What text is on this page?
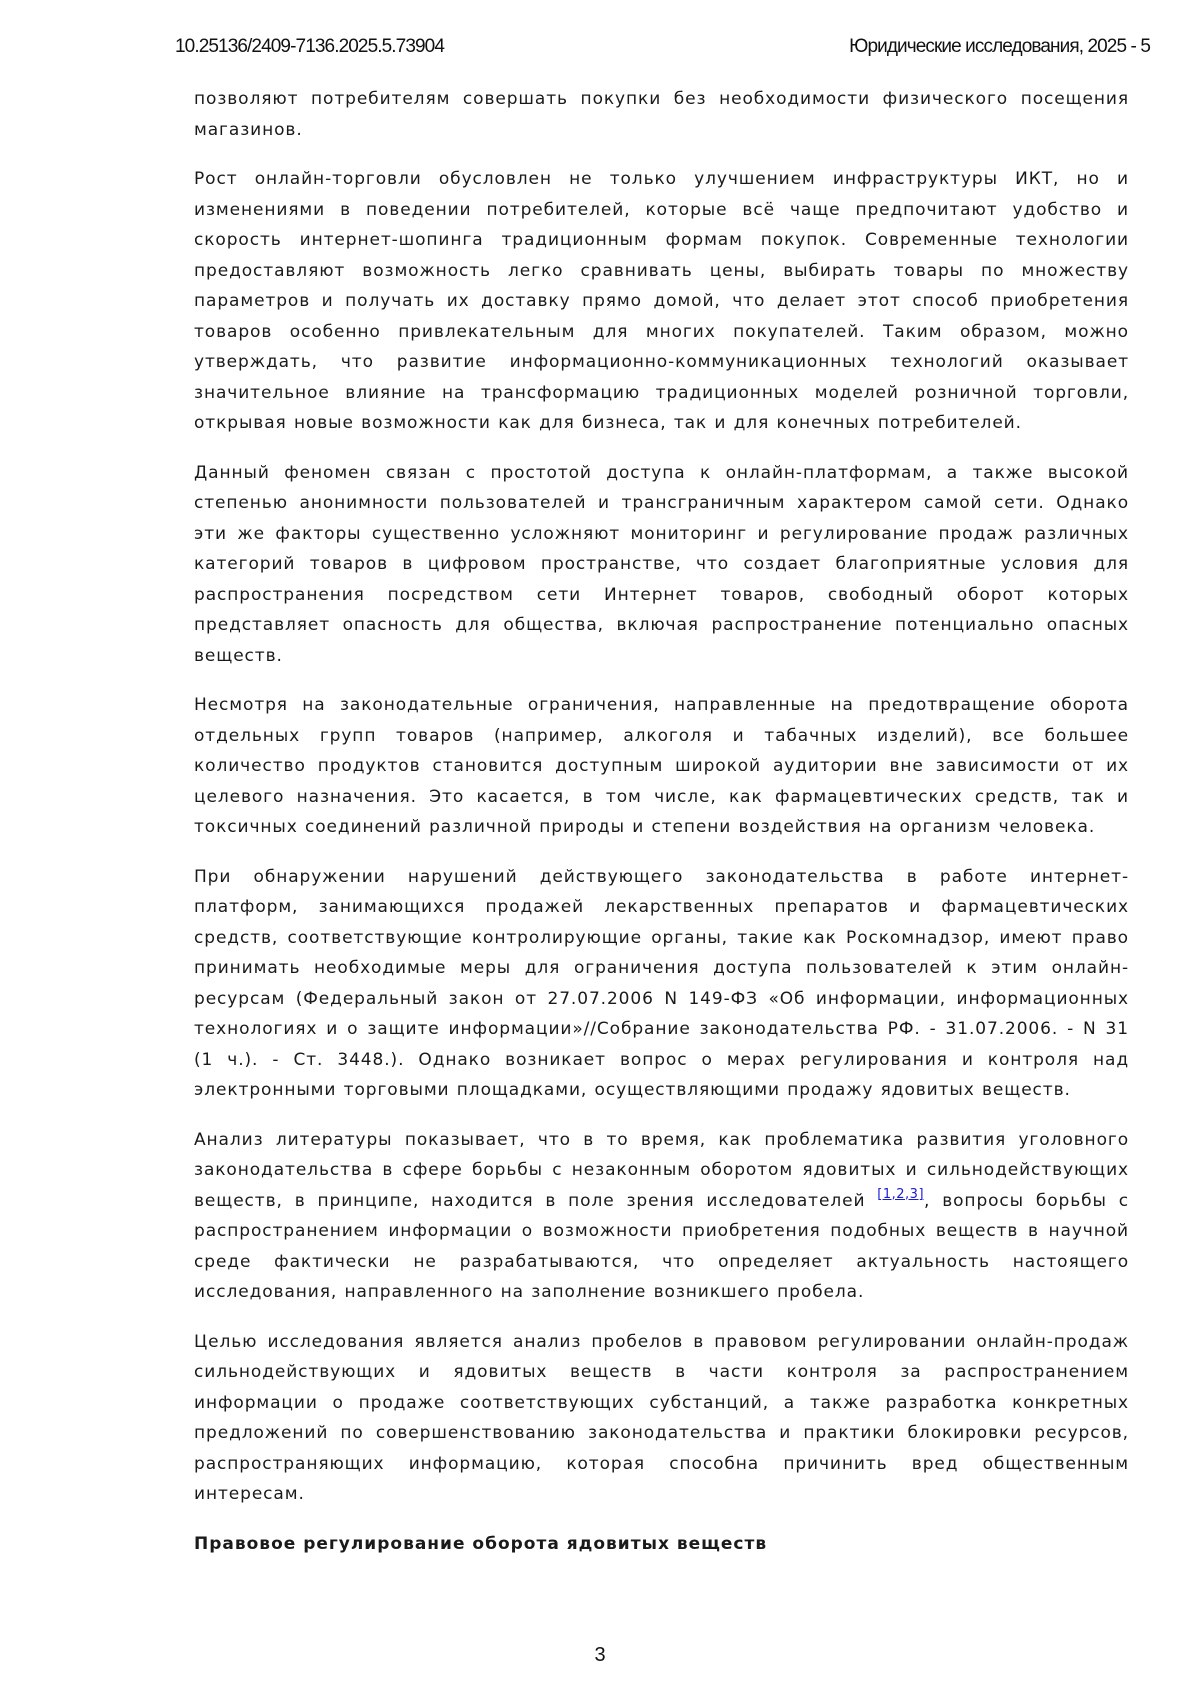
10.25136/2409-7136.2025.5.73904	Юридические исследования, 2025 - 5

позволяют потребителям совершать покупки без необходимости физического посещения магазинов.

Рост онлайн-торговли обусловлен не только улучшением инфраструктуры ИКТ, но и изменениями в поведении потребителей, которые всё чаще предпочитают удобство и скорость интернет-шопинга традиционным формам покупок. Современные технологии предоставляют возможность легко сравнивать цены, выбирать товары по множеству параметров и получать их доставку прямо домой, что делает этот способ приобретения товаров особенно привлекательным для многих покупателей. Таким образом, можно утверждать, что развитие информационно-коммуникационных технологий оказывает значительное влияние на трансформацию традиционных моделей розничной торговли, открывая новые возможности как для бизнеса, так и для конечных потребителей.

Данный феномен связан с простотой доступа к онлайн-платформам, а также высокой степенью анонимности пользователей и трансграничным характером самой сети. Однако эти же факторы существенно усложняют мониторинг и регулирование продаж различных категорий товаров в цифровом пространстве, что создает благоприятные условия для распространения посредством сети Интернет товаров, свободный оборот которых представляет опасность для общества, включая распространение потенциально опасных веществ.

Несмотря на законодательные ограничения, направленные на предотвращение оборота отдельных групп товаров (например, алкоголя и табачных изделий), все большее количество продуктов становится доступным широкой аудитории вне зависимости от их целевого назначения. Это касается, в том числе, как фармацевтических средств, так и токсичных соединений различной природы и степени воздействия на организм человека.

При обнаружении нарушений действующего законодательства в работе интернет-платформ, занимающихся продажей лекарственных препаратов и фармацевтических средств, соответствующие контролирующие органы, такие как Роскомнадзор, имеют право принимать необходимые меры для ограничения доступа пользователей к этим онлайн-ресурсам (Федеральный закон от 27.07.2006 N 149-ФЗ «Об информации, информационных технологиях и о защите информации»//Собрание законодательства РФ. - 31.07.2006. - N 31 (1 ч.). - Ст. 3448.). Однако возникает вопрос о мерах регулирования и контроля над электронными торговыми площадками, осуществляющими продажу ядовитых веществ.

Анализ литературы показывает, что в то время, как проблематика развития уголовного законодательства в сфере борьбы с незаконным оборотом ядовитых и сильнодействующих веществ, в принципе, находится в поле зрения исследователей [1,2,3], вопросы борьбы с распространением информации о возможности приобретения подобных веществ в научной среде фактически не разрабатываются, что определяет актуальность настоящего исследования, направленного на заполнение возникшего пробела.

Целью исследования является анализ пробелов в правовом регулировании онлайн-продаж сильнодействующих и ядовитых веществ в части контроля за распространением информации о продаже соответствующих субстанций, а также разработка конкретных предложений по совершенствованию законодательства и практики блокировки ресурсов, распространяющих информацию, которая способна причинить вред общественным интересам.

Правовое регулирование оборота ядовитых веществ
3
